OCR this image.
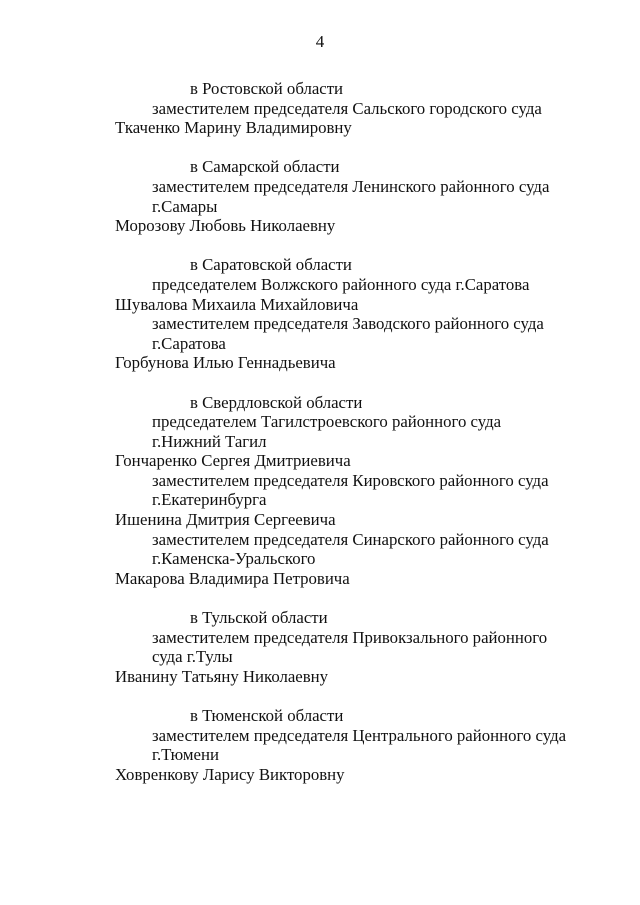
4
в Ростовской области
заместителем председателя Сальского городского суда
Ткаченко Марину Владимировну
в Самарской области
заместителем председателя Ленинского районного суда
г.Самары
Морозову Любовь Николаевну
в Саратовской области
председателем Волжского районного суда г.Саратова
Шувалова Михаила Михайловича
заместителем председателя Заводского районного суда
г.Саратова
Горбунова Илью Геннадьевича
в Свердловской области
председателем Тагилстроевского районного суда
г.Нижний Тагил
Гончаренко Сергея Дмитриевича
заместителем председателя Кировского районного суда
г.Екатеринбурга
Ишенина Дмитрия Сергеевича
заместителем председателя Синарского районного суда
г.Каменска-Уральского
Макарова Владимира Петровича
в Тульской области
заместителем председателя Привокзального районного
суда г.Тулы
Иванину Татьяну Николаевну
в Тюменской области
заместителем председателя Центрального районного суда
г.Тюмени
Ховренкову Ларису Викторовну
